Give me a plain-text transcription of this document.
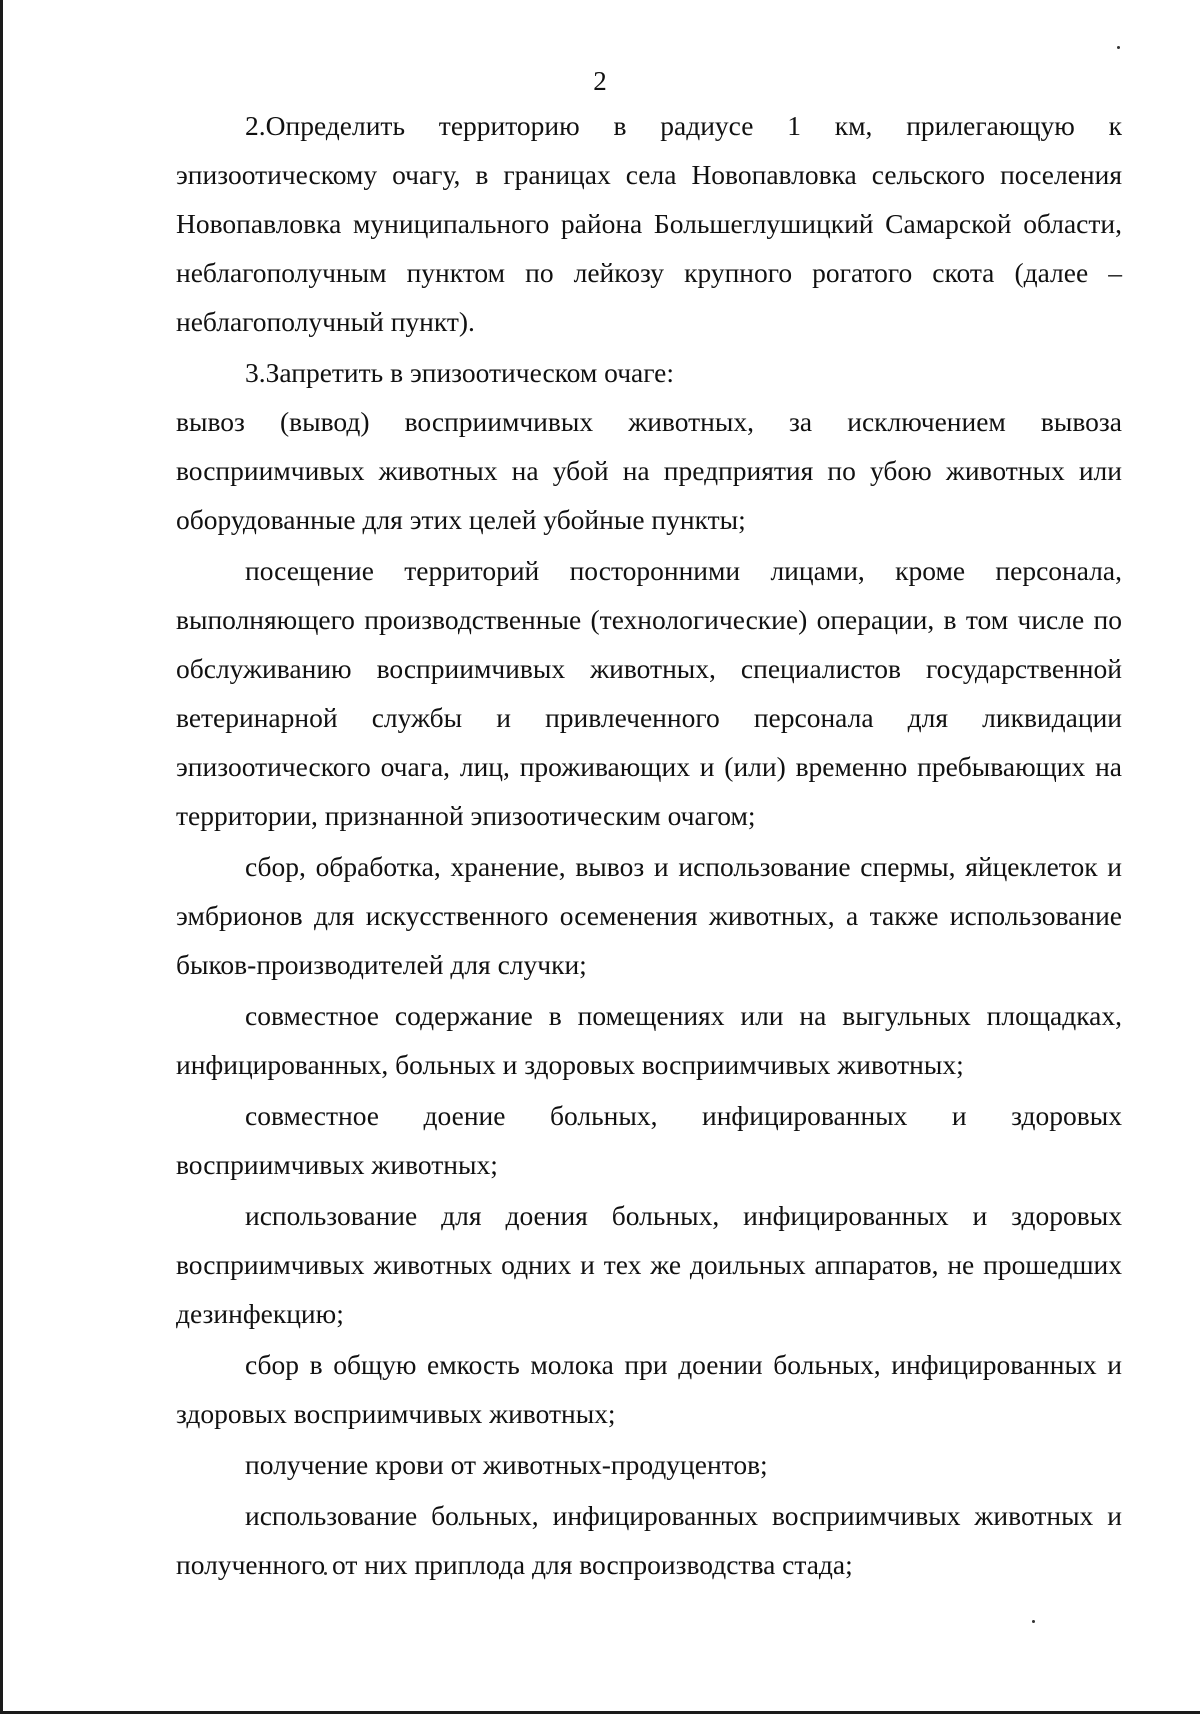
2

2.Определить территорию в радиусе 1 км, прилегающую к эпизоотическому очагу, в границах села Новопавловка сельского поселения Новопавловка муниципального района Большеглушицкий Самарской области, неблагополучным пунктом по лейкозу крупного рогатого скота (далее – неблагополучный пункт).

3.Запретить в эпизоотическом очаге:

вывоз (вывод) восприимчивых животных, за исключением вывоза восприимчивых животных на убой на предприятия по убою животных или оборудованные для этих целей убойные пункты;

посещение территорий посторонними лицами, кроме персонала, выполняющего производственные (технологические) операции, в том числе по обслуживанию восприимчивых животных, специалистов государственной ветеринарной службы и привлеченного персонала для ликвидации эпизоотического очага, лиц, проживающих и (или) временно пребывающих на территории, признанной эпизоотическим очагом;

сбор, обработка, хранение, вывоз и использование спермы, яйцеклеток и эмбрионов для искусственного осеменения животных, а также использование быков-производителей для случки;

совместное содержание в помещениях или на выгульных площадках, инфицированных, больных и здоровых восприимчивых животных;

совместное доение больных, инфицированных и здоровых восприимчивых животных;

использование для доения больных, инфицированных и здоровых восприимчивых животных одних и тех же доильных аппаратов, не прошедших дезинфекцию;

сбор в общую емкость молока при доении больных, инфицированных и здоровых восприимчивых животных;

получение крови от животных-продуцентов;

использование больных, инфицированных восприимчивых животных и полученного от них приплода для воспроизводства стада;
